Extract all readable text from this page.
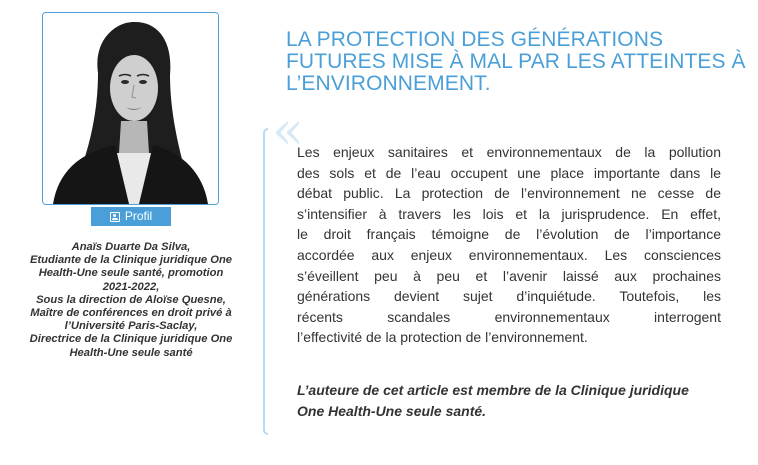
Profil
Anaïs Duarte Da Silva,
Etudiante de la Clinique juridique One
Health-Une seule santé, promotion
2021-2022,
Sous la direction de Aloïse Quesne,
Maître de conférences en droit privé à
l’Université Paris-Saclay,
Directrice de la Clinique juridique One
Health-Une seule santé
LA PROTECTION DES GÉNÉRATIONS
FUTURES MISE À MAL PAR LES ATTEINTES À
L’ENVIRONNEMENT.
«
Les enjeux sanitaires et environnementaux de la pollution
des sols et de l’eau occupent une place importante dans le
débat public. La protection de l’environnement ne cesse de
s’intensifier à travers les lois et la jurisprudence. En effet,
le droit français témoigne de l’évolution de l’importance
accordée aux enjeux environnementaux. Les consciences
s’éveillent peu à peu et l’avenir laissé aux prochaines
générations devient sujet d’inquiétude. Toutefois, les
récents scandales environnementaux interrogent
l’effectivité de la protection de l’environnement.
L’auteure de cet article est membre de la Clinique juridique
One Health-Une seule santé.
